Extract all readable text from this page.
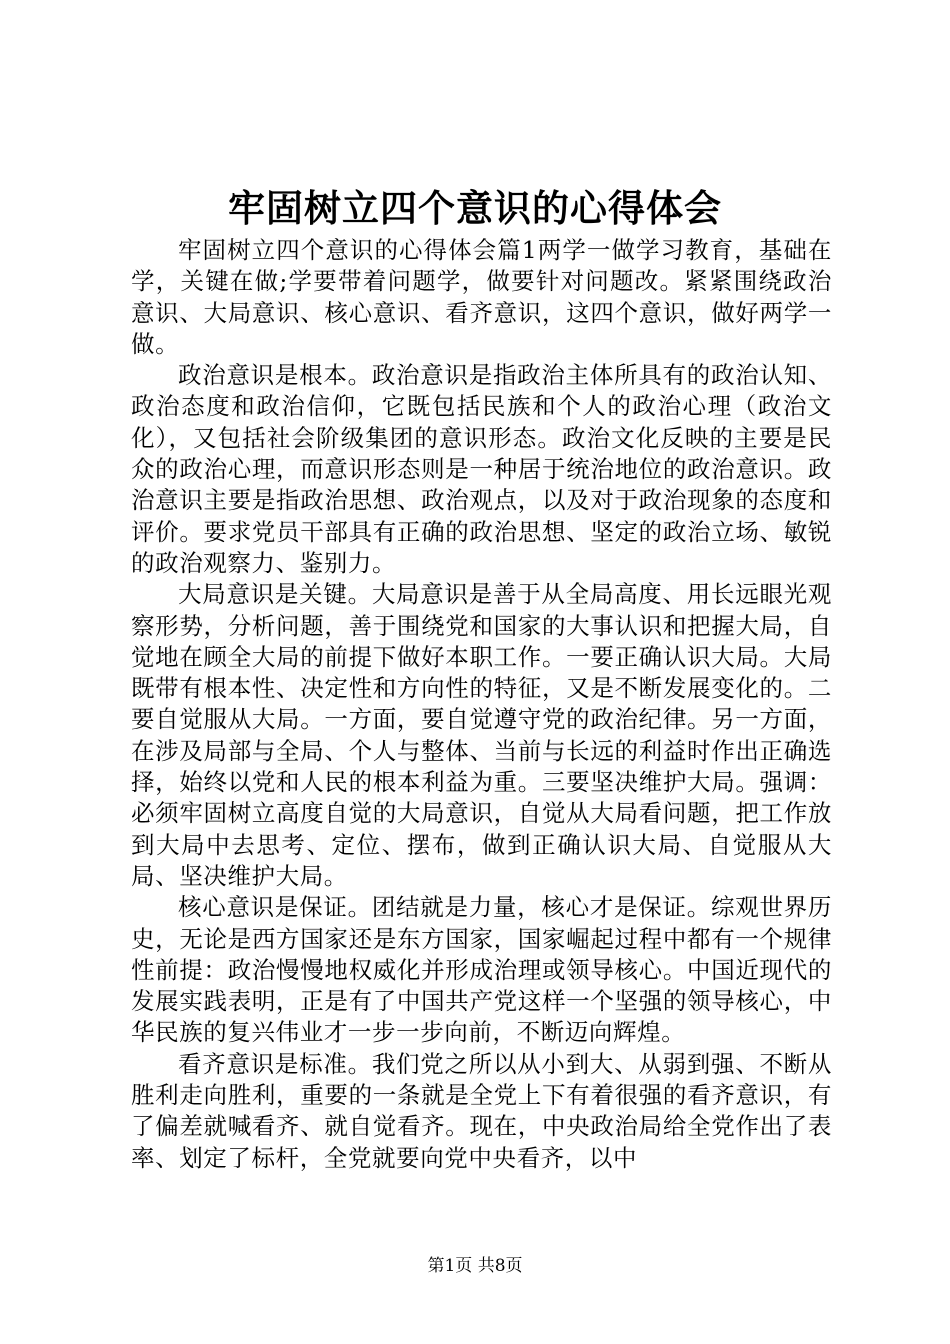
牢固树立四个意识的心得体会

牢固树立四个意识的心得体会篇1两学一做学习教育，基础在学，关键在做;学要带着问题学，做要针对问题改。紧紧围绕政治意识、大局意识、核心意识、看齐意识，这四个意识，做好两学一做。

政治意识是根本。政治意识是指政治主体所具有的政治认知、政治态度和政治信仰，它既包括民族和个人的政治心理（政治文化），又包括社会阶级集团的意识形态。政治文化反映的主要是民众的政治心理，而意识形态则是一种居于统治地位的政治意识。政治意识主要是指政治思想、政治观点，以及对于政治现象的态度和评价。要求党员干部具有正确的政治思想、坚定的政治立场、敏锐的政治观察力、鉴别力。

大局意识是关键。大局意识是善于从全局高度、用长远眼光观察形势，分析问题，善于围绕党和国家的大事认识和把握大局，自觉地在顾全大局的前提下做好本职工作。一要正确认识大局。大局既带有根本性、决定性和方向性的特征，又是不断发展变化的。二要自觉服从大局。一方面，要自觉遵守党的政治纪律。另一方面，在涉及局部与全局、个人与整体、当前与长远的利益时作出正确选择，始终以党和人民的根本利益为重。三要坚决维护大局。强调：必须牢固树立高度自觉的大局意识，自觉从大局看问题，把工作放到大局中去思考、定位、摆布，做到正确认识大局、自觉服从大局、坚决维护大局。

核心意识是保证。团结就是力量，核心才是保证。综观世界历史，无论是西方国家还是东方国家，国家崛起过程中都有一个规律性前提：政治慢慢地权威化并形成治理或领导核心。中国近现代的发展实践表明，正是有了中国共产党这样一个坚强的领导核心，中华民族的复兴伟业才一步一步向前，不断迈向辉煌。

看齐意识是标准。我们党之所以从小到大、从弱到强、不断从胜利走向胜利，重要的一条就是全党上下有着很强的看齐意识，有了偏差就喊看齐、就自觉看齐。现在，中央政治局给全党作出了表率、划定了标杆，全党就要向党中央看齐，以中

第1页 共8页
